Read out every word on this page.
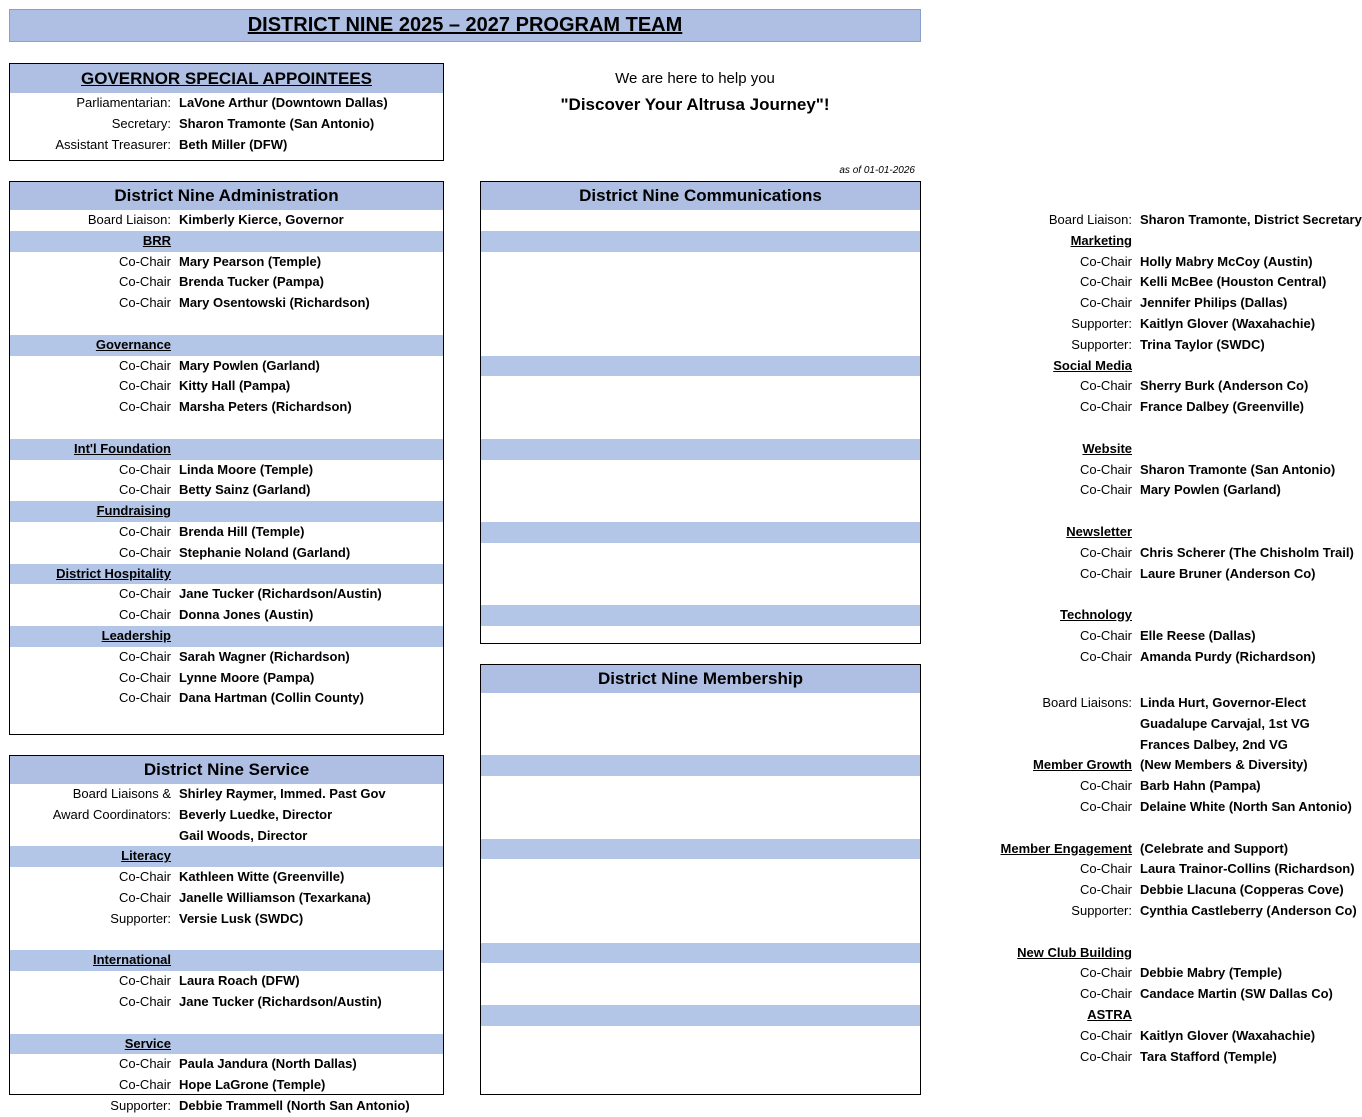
DISTRICT NINE 2025 – 2027 PROGRAM TEAM
GOVERNOR SPECIAL APPOINTEES
Parliamentarian: LaVone Arthur (Downtown Dallas)
Secretary: Sharon Tramonte (San Antonio)
Assistant Treasurer: Beth Miller (DFW)
We are here to help you
"Discover Your Altrusa Journey"!
as of 01-01-2026
District Nine Administration
Board Liaison: Kimberly Kierce, Governor
BRR
Co-Chair Mary Pearson (Temple)
Co-Chair Brenda Tucker (Pampa)
Co-Chair Mary Osentowski (Richardson)
Governance
Co-Chair Mary Powlen (Garland)
Co-Chair Kitty Hall (Pampa)
Co-Chair Marsha Peters (Richardson)
Int'l Foundation
Co-Chair Linda Moore (Temple)
Co-Chair Betty Sainz (Garland)
Fundraising
Co-Chair Brenda Hill (Temple)
Co-Chair Stephanie Noland (Garland)
District Hospitality
Co-Chair Jane Tucker (Richardson/Austin)
Co-Chair Donna Jones (Austin)
Leadership
Co-Chair Sarah Wagner (Richardson)
Co-Chair Lynne Moore (Pampa)
Co-Chair Dana Hartman (Collin County)
District Nine Service
Board Liaisons & Shirley Raymer, Immed. Past Gov
Award Coordinators: Beverly Luedke, Director
Gail Woods, Director
Literacy
Co-Chair Kathleen Witte (Greenville)
Co-Chair Janelle Williamson (Texarkana)
Supporter: Versie Lusk (SWDC)
International
Co-Chair Laura Roach (DFW)
Co-Chair Jane Tucker (Richardson/Austin)
Service
Co-Chair Paula Jandura (North Dallas)
Co-Chair Hope LaGrone (Temple)
Supporter: Debbie Trammell (North San Antonio)
District Nine Communications
Board Liaison: Sharon Tramonte, District Secretary
Marketing
Co-Chair Holly Mabry McCoy (Austin)
Co-Chair Kelli McBee (Houston Central)
Co-Chair Jennifer Philips (Dallas)
Supporter: Kaitlyn Glover (Waxahachie)
Supporter: Trina Taylor (SWDC)
Social Media
Co-Chair Sherry Burk (Anderson Co)
Co-Chair France Dalbey (Greenville)
Website
Co-Chair Sharon Tramonte (San Antonio)
Co-Chair Mary Powlen (Garland)
Newsletter
Co-Chair Chris Scherer (The Chisholm Trail)
Co-Chair Laure Bruner (Anderson Co)
Technology
Co-Chair Elle Reese (Dallas)
Co-Chair Amanda Purdy (Richardson)
District Nine Membership
Board Liaisons: Linda Hurt, Governor-Elect
Guadalupe Carvajal, 1st VG
Frances Dalbey, 2nd VG
Member Growth (New Members & Diversity)
Co-Chair Barb Hahn (Pampa)
Co-Chair Delaine White (North San Antonio)
Member Engagement (Celebrate and Support)
Co-Chair Laura Trainor-Collins (Richardson)
Co-Chair Debbie Llacuna (Copperas Cove)
Supporter: Cynthia Castleberry (Anderson Co)
New Club Building
Co-Chair Debbie Mabry (Temple)
Co-Chair Candace Martin (SW Dallas Co)
ASTRA
Co-Chair Kaitlyn Glover (Waxahachie)
Co-Chair Tara Stafford (Temple)
